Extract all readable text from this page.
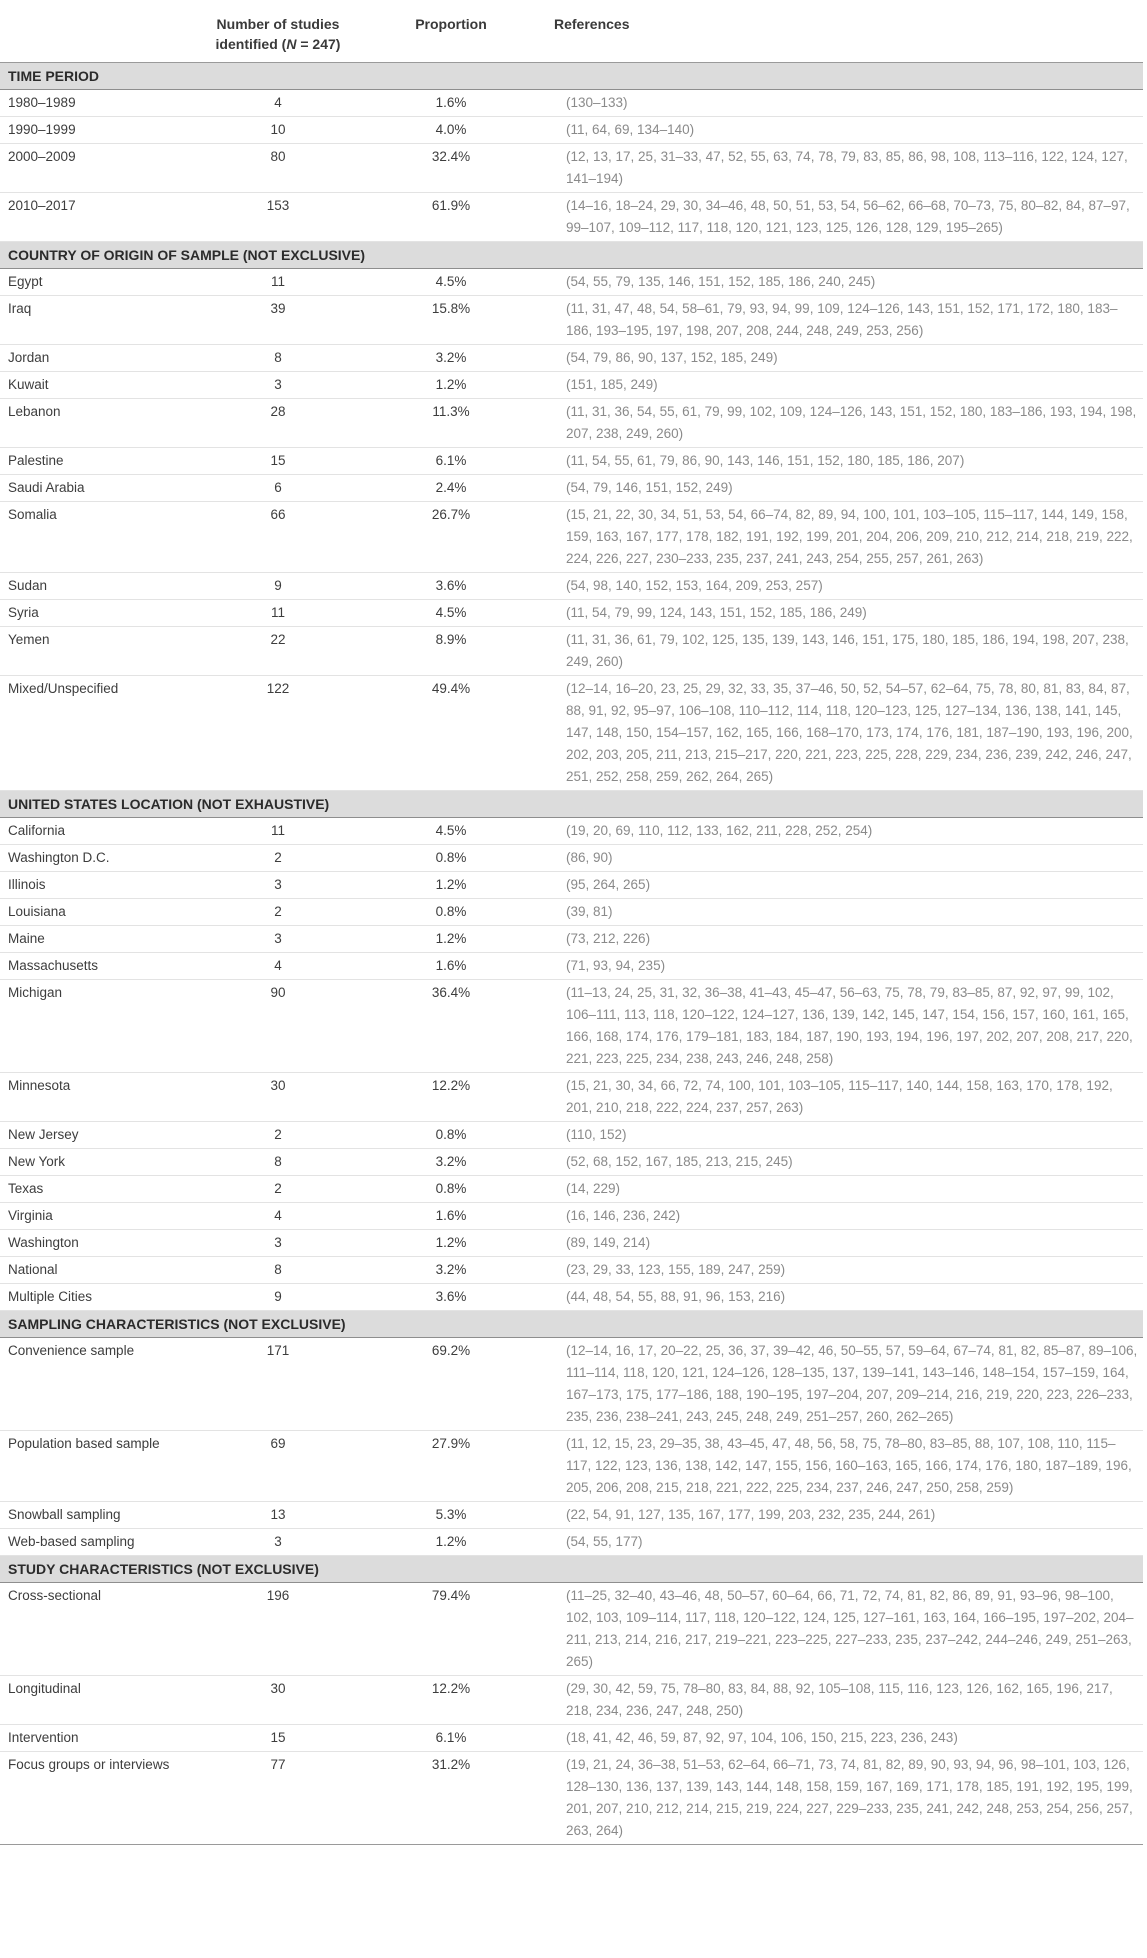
	Number of studies
identified (N = 247)	Proportion	References
TIME PERIOD			
1980–1989	4	1.6%	(130–133)
1990–1999	10	4.0%	(11, 64, 69, 134–140)
2000–2009	80	32.4%	(12, 13, 17, 25, 31–33, 47, 52, 55, 63, 74, 78, 79, 83, 85, 86, 98, 108, 113–116, 122, 124, 127, 141–194)
2010–2017	153	61.9%	(14–16, 18–24, 29, 30, 34–46, 48, 50, 51, 53, 54, 56–62, 66–68, 70–73, 75, 80–82, 84, 87–97, 99–107, 109–112, 117, 118, 120, 121, 123, 125, 126, 128, 129, 195–265)
COUNTRY OF ORIGIN OF SAMPLE (NOT EXCLUSIVE)			
Egypt	11	4.5%	(54, 55, 79, 135, 146, 151, 152, 185, 186, 240, 245)
Iraq	39	15.8%	(11, 31, 47, 48, 54, 58–61, 79, 93, 94, 99, 109, 124–126, 143, 151, 152, 171, 172, 180, 183–186, 193–195, 197, 198, 207, 208, 244, 248, 249, 253, 256)
Jordan	8	3.2%	(54, 79, 86, 90, 137, 152, 185, 249)
Kuwait	3	1.2%	(151, 185, 249)
Lebanon	28	11.3%	(11, 31, 36, 54, 55, 61, 79, 99, 102, 109, 124–126, 143, 151, 152, 180, 183–186, 193, 194, 198, 207, 238, 249, 260)
Palestine	15	6.1%	(11, 54, 55, 61, 79, 86, 90, 143, 146, 151, 152, 180, 185, 186, 207)
Saudi Arabia	6	2.4%	(54, 79, 146, 151, 152, 249)
Somalia	66	26.7%	(15, 21, 22, 30, 34, 51, 53, 54, 66–74, 82, 89, 94, 100, 101, 103–105, 115–117, 144, 149, 158, 159, 163, 167, 177, 178, 182, 191, 192, 199, 201, 204, 206, 209, 210, 212, 214, 218, 219, 222, 224, 226, 227, 230–233, 235, 237, 241, 243, 254, 255, 257, 261, 263)
Sudan	9	3.6%	(54, 98, 140, 152, 153, 164, 209, 253, 257)
Syria	11	4.5%	(11, 54, 79, 99, 124, 143, 151, 152, 185, 186, 249)
Yemen	22	8.9%	(11, 31, 36, 61, 79, 102, 125, 135, 139, 143, 146, 151, 175, 180, 185, 186, 194, 198, 207, 238, 249, 260)
Mixed/Unspecified	122	49.4%	(12–14, 16–20, 23, 25, 29, 32, 33, 35, 37–46, 50, 52, 54–57, 62–64, 75, 78, 80, 81, 83, 84, 87, 88, 91, 92, 95–97, 106–108, 110–112, 114, 118, 120–123, 125, 127–134, 136, 138, 141, 145, 147, 148, 150, 154–157, 162, 165, 166, 168–170, 173, 174, 176, 181, 187–190, 193, 196, 200, 202, 203, 205, 211, 213, 215–217, 220, 221, 223, 225, 228, 229, 234, 236, 239, 242, 246, 247, 251, 252, 258, 259, 262, 264, 265)
UNITED STATES LOCATION (NOT EXHAUSTIVE)			
California	11	4.5%	(19, 20, 69, 110, 112, 133, 162, 211, 228, 252, 254)
Washington D.C.	2	0.8%	(86, 90)
Illinois	3	1.2%	(95, 264, 265)
Louisiana	2	0.8%	(39, 81)
Maine	3	1.2%	(73, 212, 226)
Massachusetts	4	1.6%	(71, 93, 94, 235)
Michigan	90	36.4%	(11–13, 24, 25, 31, 32, 36–38, 41–43, 45–47, 56–63, 75, 78, 79, 83–85, 87, 92, 97, 99, 102, 106–111, 113, 118, 120–122, 124–127, 136, 139, 142, 145, 147, 154, 156, 157, 160, 161, 165, 166, 168, 174, 176, 179–181, 183, 184, 187, 190, 193, 194, 196, 197, 202, 207, 208, 217, 220, 221, 223, 225, 234, 238, 243, 246, 248, 258)
Minnesota	30	12.2%	(15, 21, 30, 34, 66, 72, 74, 100, 101, 103–105, 115–117, 140, 144, 158, 163, 170, 178, 192, 201, 210, 218, 222, 224, 237, 257, 263)
New Jersey	2	0.8%	(110, 152)
New York	8	3.2%	(52, 68, 152, 167, 185, 213, 215, 245)
Texas	2	0.8%	(14, 229)
Virginia	4	1.6%	(16, 146, 236, 242)
Washington	3	1.2%	(89, 149, 214)
National	8	3.2%	(23, 29, 33, 123, 155, 189, 247, 259)
Multiple Cities	9	3.6%	(44, 48, 54, 55, 88, 91, 96, 153, 216)
SAMPLING CHARACTERISTICS (NOT EXCLUSIVE)			
Convenience sample	171	69.2%	(12–14, 16, 17, 20–22, 25, 36, 37, 39–42, 46, 50–55, 57, 59–64, 67–74, 81, 82, 85–87, 89–106, 111–114, 118, 120, 121, 124–126, 128–135, 137, 139–141, 143–146, 148–154, 157–159, 164, 167–173, 175, 177–186, 188, 190–195, 197–204, 207, 209–214, 216, 219, 220, 223, 226–233, 235, 236, 238–241, 243, 245, 248, 249, 251–257, 260, 262–265)
Population based sample	69	27.9%	(11, 12, 15, 23, 29–35, 38, 43–45, 47, 48, 56, 58, 75, 78–80, 83–85, 88, 107, 108, 110, 115–117, 122, 123, 136, 138, 142, 147, 155, 156, 160–163, 165, 166, 174, 176, 180, 187–189, 196, 205, 206, 208, 215, 218, 221, 222, 225, 234, 237, 246, 247, 250, 258, 259)
Snowball sampling	13	5.3%	(22, 54, 91, 127, 135, 167, 177, 199, 203, 232, 235, 244, 261)
Web-based sampling	3	1.2%	(54, 55, 177)
STUDY CHARACTERISTICS (NOT EXCLUSIVE)			
Cross-sectional	196	79.4%	(11–25, 32–40, 43–46, 48, 50–57, 60–64, 66, 71, 72, 74, 81, 82, 86, 89, 91, 93–96, 98–100, 102, 103, 109–114, 117, 118, 120–122, 124, 125, 127–161, 163, 164, 166–195, 197–202, 204–211, 213, 214, 216, 217, 219–221, 223–225, 227–233, 235, 237–242, 244–246, 249, 251–263, 265)
Longitudinal	30	12.2%	(29, 30, 42, 59, 75, 78–80, 83, 84, 88, 92, 105–108, 115, 116, 123, 126, 162, 165, 196, 217, 218, 234, 236, 247, 248, 250)
Intervention	15	6.1%	(18, 41, 42, 46, 59, 87, 92, 97, 104, 106, 150, 215, 223, 236, 243)
Focus groups or interviews	77	31.2%	(19, 21, 24, 36–38, 51–53, 62–64, 66–71, 73, 74, 81, 82, 89, 90, 93, 94, 96, 98–101, 103, 126, 128–130, 136, 137, 139, 143, 144, 148, 158, 159, 167, 169, 171, 178, 185, 191, 192, 195, 199, 201, 207, 210, 212, 214, 215, 219, 224, 227, 229–233, 235, 241, 242, 248, 253, 254, 256, 257, 263, 264)
